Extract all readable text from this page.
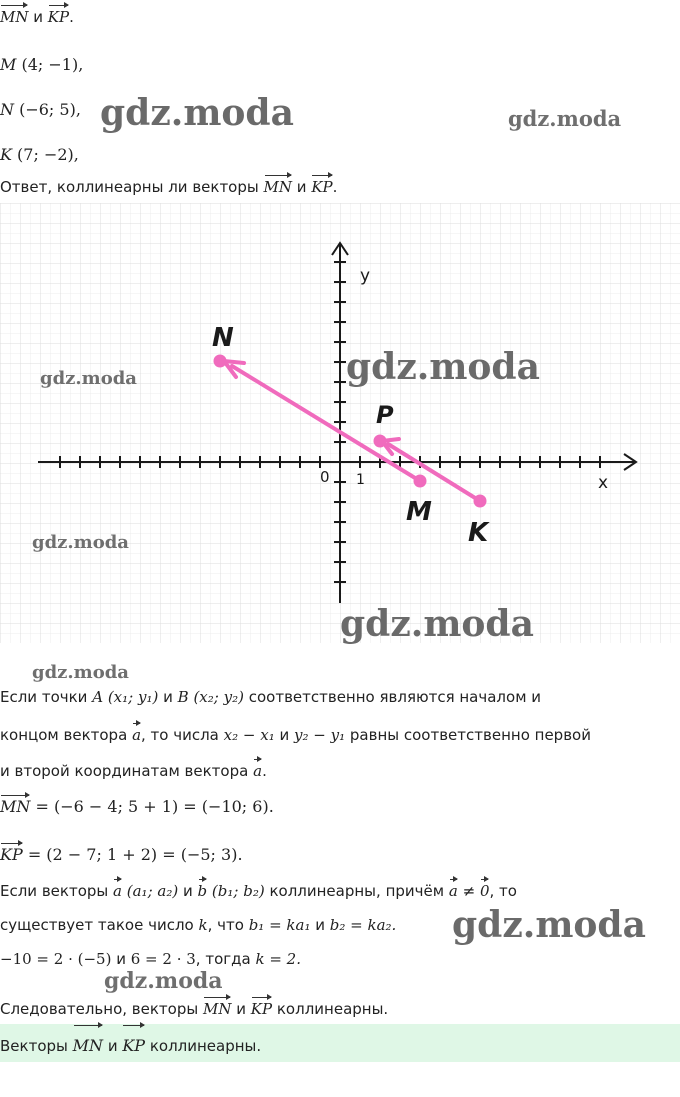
MN и KP.
M (4; −1),
N (−6; 5),
K (7; −2),
Ответ, коллинеарны ли векторы MN и KP.
y
x
0 1
N
P
M
K
gdz.moda	gdz.moda
gdz.moda
gdz.moda
gdz.moda
gdz.moda
gdz.moda
gdz.moda
gdz.moda
Если точки A (x₁; y₁) и B (x₂; y₂) соответственно являются началом и
концом вектора a, то числа x₂ − x₁ и y₂ − y₁ равны соответственно первой
и второй координатам вектора a.
MN = (−6 − 4; 5 + 1) = (−10; 6).
KP = (2 − 7; 1 + 2) = (−5; 3).
Если векторы a (a₁; a₂) и b (b₁; b₂) коллинеарны, причём a ≠ 0, то
существует такое число k, что b₁ = ka₁ и b₂ = ka₂.
−10 = 2 · (−5) и 6 = 2 · 3, тогда k = 2.
Следовательно, векторы MN и KP коллинеарны.
Векторы MN и KP коллинеарны.
